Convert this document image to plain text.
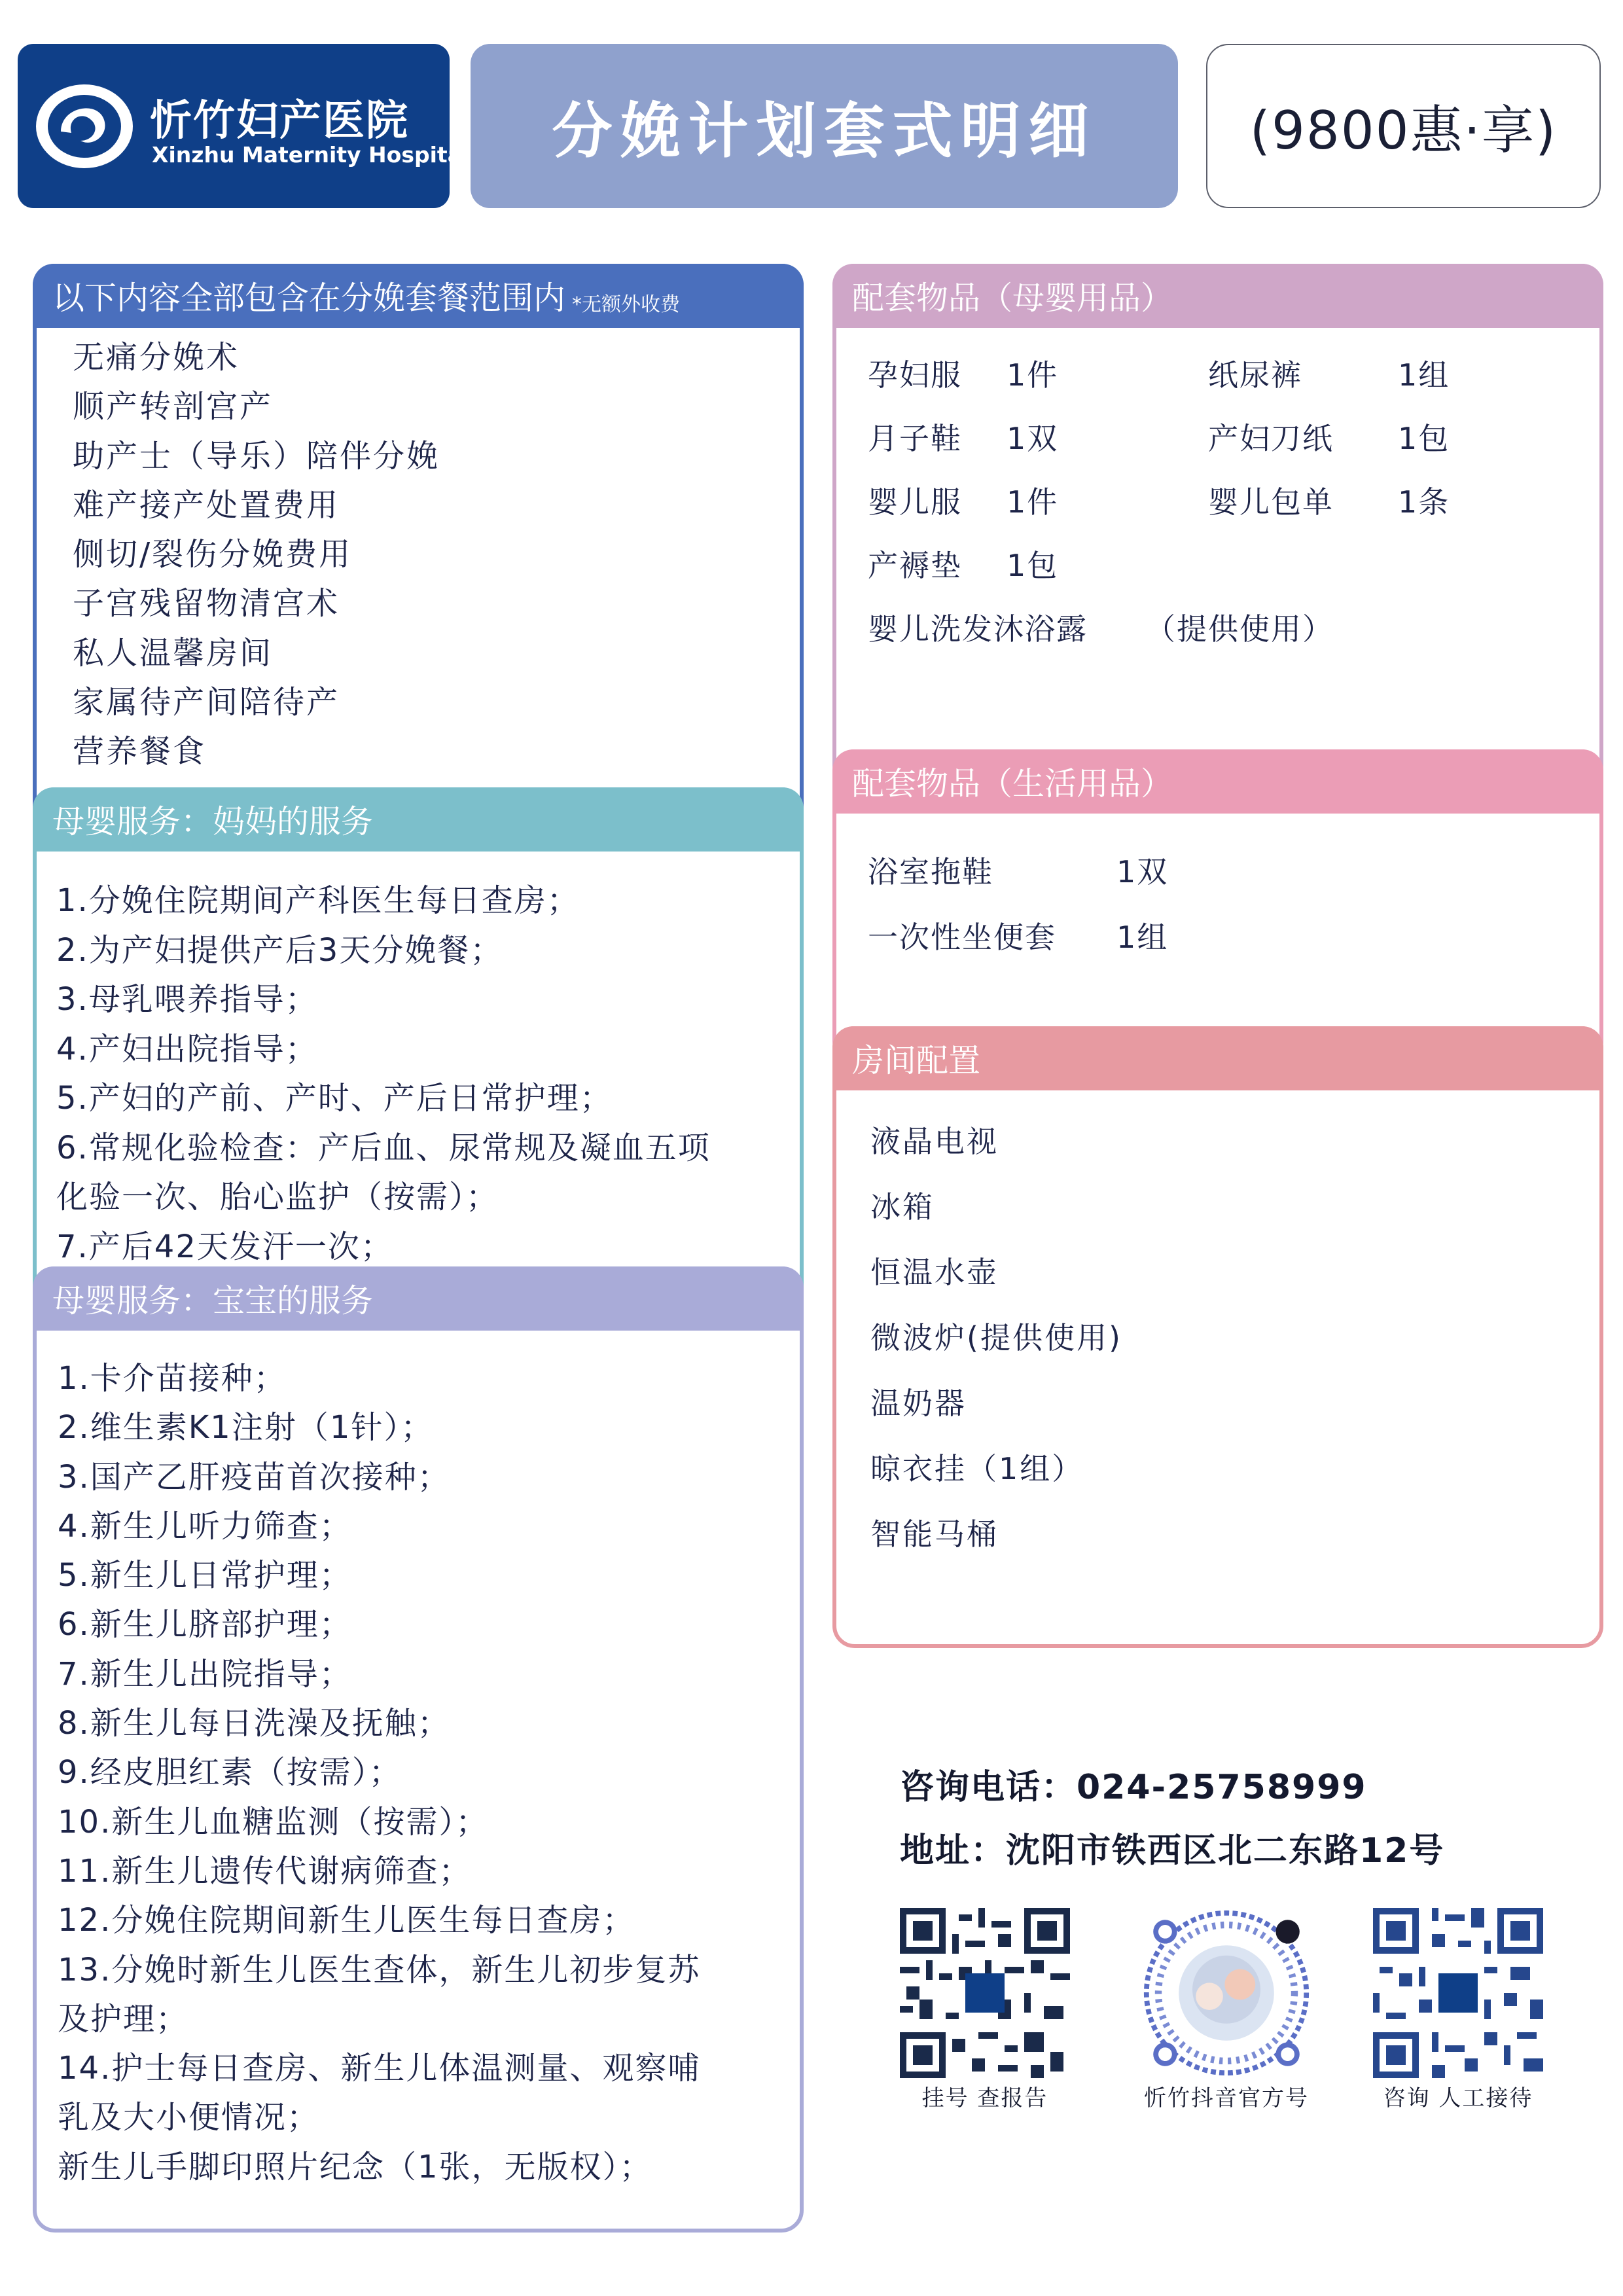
忻竹妇产医院
Xinzhu Maternity Hospital 分娩计划套式明细	(9800惠·享)
以下内容全部包含在分娩套餐范围内 *无额外收费
无痛分娩术
顺产转剖宫产
助产士（导乐）陪伴分娩
难产接产处置费用
侧切/裂伤分娩费用
子宫残留物清宫术
私人温馨房间
家属待产间陪待产
营养餐食
母婴服务：妈妈的服务
1.分娩住院期间产科医生每日查房；
2.为产妇提供产后3天分娩餐；
3.母乳喂养指导；
4.产妇出院指导；
5.产妇的产前、产时、产后日常护理；
6.常规化验检查：产后血、尿常规及凝血五项
化验一次、胎心监护（按需）；
7.产后42天发汗一次；
母婴服务：宝宝的服务
1.卡介苗接种；
2.维生素K1注射（1针）；
3.国产乙肝疫苗首次接种；
4.新生儿听力筛查；
5.新生儿日常护理；
6.新生儿脐部护理；
7.新生儿出院指导；
8.新生儿每日洗澡及抚触；
9.经皮胆红素（按需）；
10.新生儿血糖监测（按需）；
11.新生儿遗传代谢病筛查；
12.分娩住院期间新生儿医生每日查房；
13.分娩时新生儿医生查体，新生儿初步复苏
及护理；
14.护士每日查房、新生儿体温测量、观察哺
乳及大小便情况；
新生儿手脚印照片纪念（1张，无版权）；
配套物品（母婴用品）
孕妇服 1件	纸尿裤	1组
月子鞋 1双	产妇刀纸 1包
婴儿服 1件	婴儿包单 1条
产褥垫 1包
婴儿洗发沐浴露 （提供使用）
配套物品（生活用品）
浴室拖鞋	1双
一次性坐便套 1组
房间配置
液晶电视
冰箱
恒温水壶
微波炉(提供使用)
温奶器
晾衣挂（1组）
智能马桶
咨询电话：024-25758999
地址：沈阳市铁西区北二东路12号
挂号 查报告	忻竹抖音官方号	咨询 人工接待
